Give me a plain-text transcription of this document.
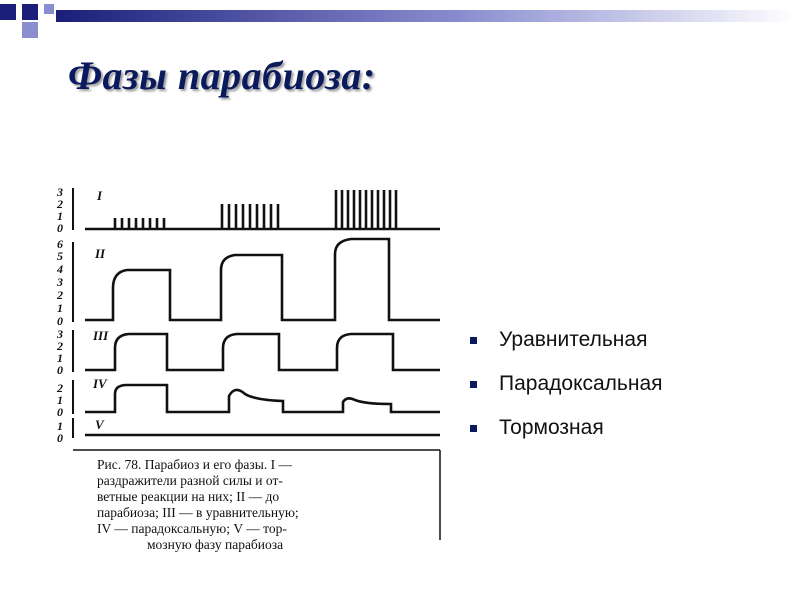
Фазы парабиоза:
3
2
1
0
6
5
4
3
2
1
0
3
2
1
0
2
1
0
1
0
I
II
III
IV
V
Рис. 78. Парабиоз и его фазы. I —
раздражители разной силы и от-
ветные реакции на них; II — до
парабиоза; III — в уравнительную;
IV — парадоксальную; V — тор-
мозную фазу парабиоза
Уравнительная
Парадоксальная
Тормозная
